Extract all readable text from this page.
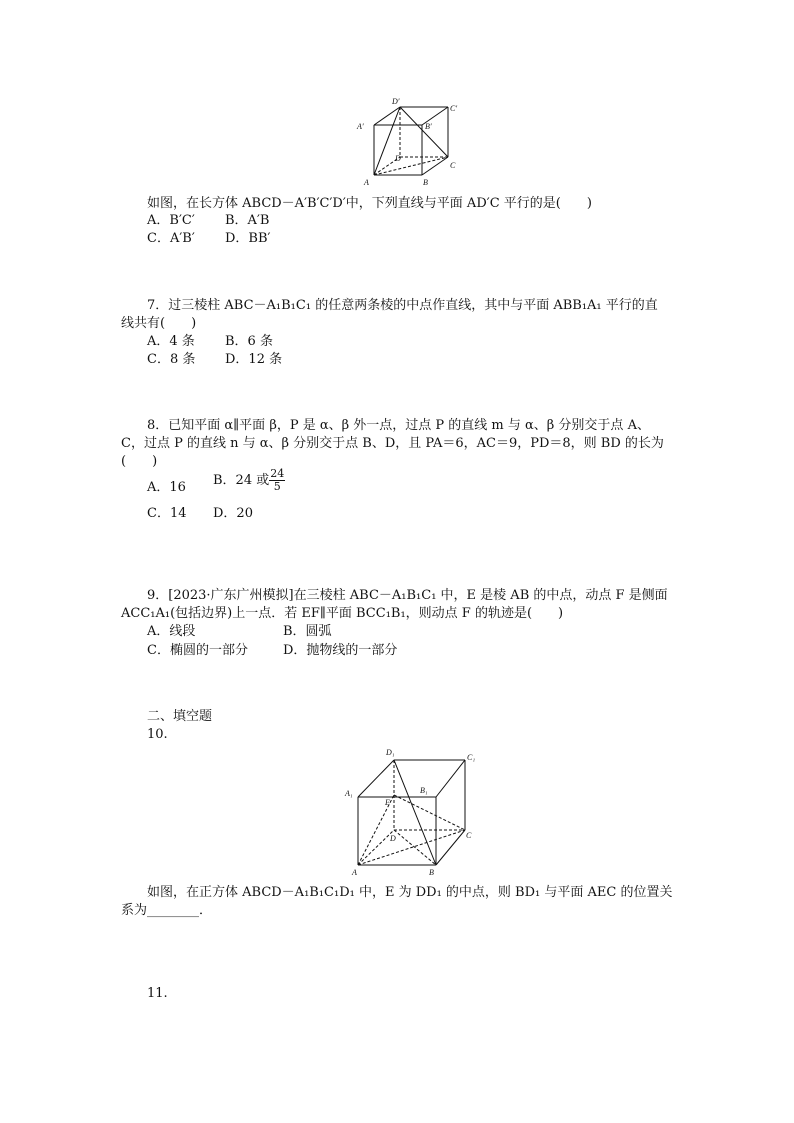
D′
C′
A′	B′
D
C
A	B
如图，在长方体 ABCD－A′B′C′D′中，下列直线与平面 AD′C 平行的是(　　)
A．B′C′ B．A′B
C．A′B′ D．BB′
7．过三棱柱 ABC－A₁B₁C₁ 的任意两条棱的中点作直线，其中与平面 ABB₁A₁ 平行的直
线共有(　　)
A．4 条 B．6 条
C．8 条 D．12 条
8．已知平面 α∥平面 β，P 是 α、β 外一点，过点 P 的直线 m 与 α、β 分别交于点 A、
C，过点 P 的直线 n 与 α、β 分别交于点 B、D，且 PA＝6，AC＝9，PD＝8，则 BD 的长为
(　　)
A．16 B．24 或 $\frac{24}{5}$
C．14 D．20
9．[2023·广东广州模拟]在三棱柱 ABC－A₁B₁C₁ 中，E 是棱 AB 的中点，动点 F 是侧面
ACC₁A₁(包括边界)上一点．若 EF∥平面 BCC₁B₁，则动点 F 的轨迹是(　　)
A．线段	B．圆弧
C．椭圆的一部分	D．抛物线的一部分
二、填空题
10.
D₁
C₁
A₁	B₁
E
D	C
A	B
如图，在正方体 ABCD－A₁B₁C₁D₁ 中，E 为 DD₁ 的中点，则 BD₁ 与平面 AEC 的位置关
系为________．
11.
